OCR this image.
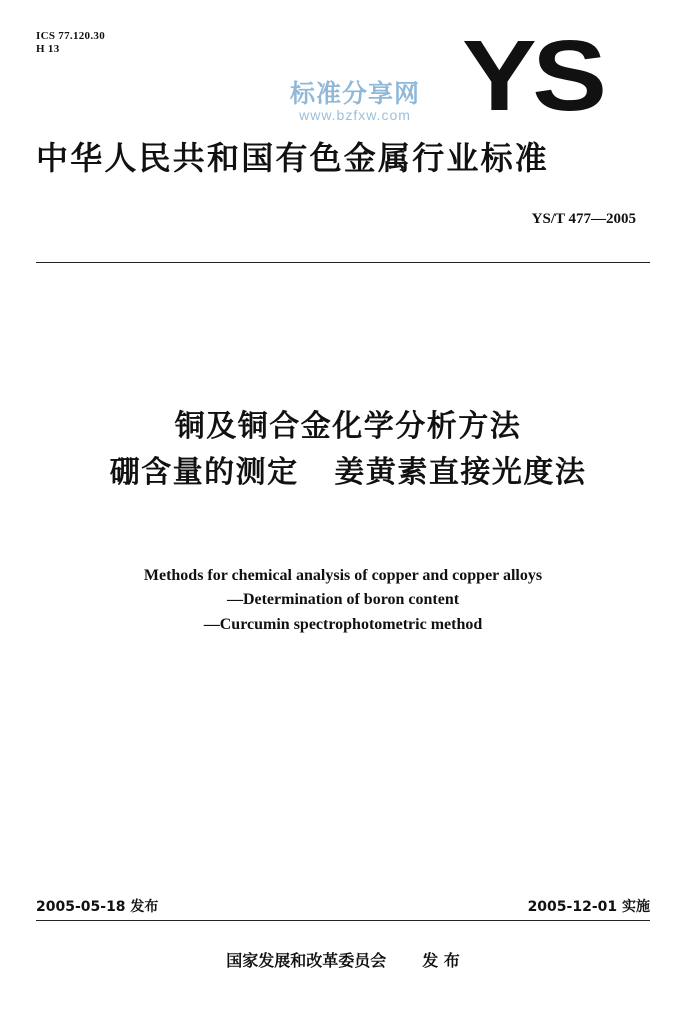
ICS 77.120.30
H 13	YS
标准分享网
www.bzfxw.com
中华人民共和国有色金属行业标准
YS/T 477—2005
铜及铜合金化学分析方法
硼含量的测定   姜黄素直接光度法
Methods for chemical analysis of copper and copper alloys
—Determination of boron content
—Curcumin spectrophotometric method
2005-05-18 发布	2005-12-01 实施
国家发展和改革委员会 发 布
